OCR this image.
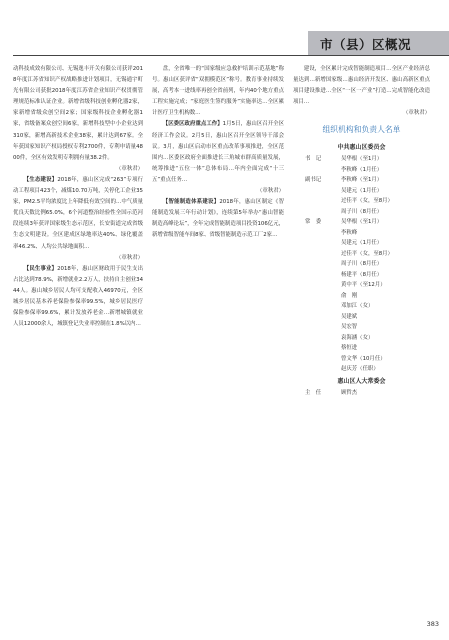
市（县）区概况

动科技成效有限公司、无锡逸丰开关有限公司获评2018年度江苏省知识产权战略推进计划项目，无锡通宇町光有限公司获批2018年度江苏省企业知识产权贯彻管理规范标准认证企业。新增省级科技创业孵化器2家，家新增省级众创空间2家；国家级科技企业孵化器1家，省级备案众创空间6家，新增科技型中小企业达到310家，新增高新技术企业38家，累计达到67家。全年获国家知识产权局授权专利2700件，专利申请量4800件，全区有效发明专利拥有量38.2件。
（章秋君）

【生态建设】2018年，惠山区完成“263”专项行动工程项目423个，减煤10.70万吨，关停化工企业35家，PM2.5平均浓度比上年降低有效空间的…中气质量优良天数比例65.0%，6个河道整治经验性全国示范河段连续3年获评国家级生态示范区，长安街道完成省级生态文明建设。全区建成区绿地率达40%、绿化覆盖率46.2%、人均公共绿地面积…
（章秋君）

【民生事业】2018年，惠山区财政用于民生支出占比达到78.9%，新增就业2.2万人，扶持自主创业3444人。惠山城乡居民人均可支配收入46970元，全区城乡居民基本养老保险参保率99.5%，城乡居民医疗保险参保率99.6%，累计发放养老金…新增城镇就业人员12000余人，城镇登记失业率控制在1.8%以内…

盘，全省唯一的“国家级应急救护培训示范基地”称号。惠山区获评省“双拥模范区”称号。教育事业持续发展，高考本一进线率再创全省前列，年内40个地方重点工程实施完成；“家庭医生签约服务”实施率达…全区累计医疗卫生机构数…

【区委区政府重点工作】1月5日，惠山区召开全区经济工作会议。2月5日，惠山区召开全区领导干部会议。3月，惠山区启动市区重点改革事项推进，全区范围内…区委区政府全面推进长三角城市群高质量发展，统筹推进“五位一体”总体布局…年内全面完成“十三五”重点任务…
（章秋君）

【智能制造体系建设】2018年，惠山区制定《智能制造发展三年行动计划》，连续第5年举办“惠山智能制造高峰论坛”，全年完成智能制造项目投资106亿元，新增省级智能车间8家、省级智能制造示范工厂2家…

建设，全区累计完成智能制造项目…全区产业经济总量达到…新增国家级…惠山经济开发区、惠山高新区重点项目建设推进…全区“一区一产业”打造…完成智能化改造项目…
（章秋君）

组织机构和负责人名单
中共惠山区委员会
书　记	吴华根（至1月）
李秋峰（1月任）
副书记	李秋峰（至1月）
吴建元（1月任）
过佳平（女，至8月）
周子川（8月任）
常　委	吴华根（至1月）
李秋峰
吴建元（1月任）
过佳平（女，至8月）
周子川（8月任）
杨建平（8月任）
黄中平（至12月）
俞　刚
邓加江（女）
吴建斌
吴宏智
袁海涵（女）
蔡恒进
曾文华（10月任）
赵庆芳（任职）
惠山区人大常委会
主　任	顾哲杰
383
